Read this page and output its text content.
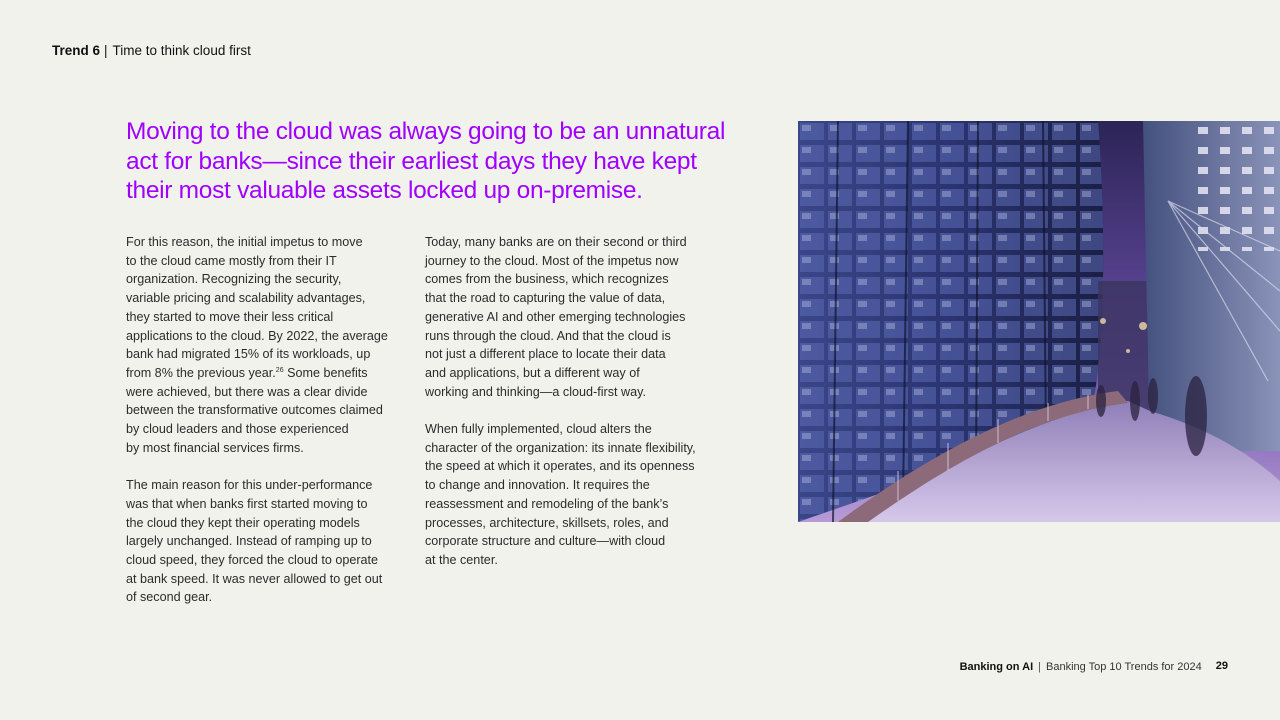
Trend 6 | Time to think cloud first
Moving to the cloud was always going to be an unnatural
act for banks—since their earliest days they have kept
their most valuable assets locked up on-premise.

For this reason, the initial impetus to move
to the cloud came mostly from their IT
organization. Recognizing the security,
variable pricing and scalability advantages,
they started to move their less critical
applications to the cloud. By 2022, the average
bank had migrated 15% of its workloads, up
from 8% the previous year.$^{26}$ Some benefits
were achieved, but there was a clear divide
between the transformative outcomes claimed
by cloud leaders and those experienced
by most financial services firms.

The main reason for this under-performance
was that when banks first started moving to
the cloud they kept their operating models
largely unchanged. Instead of ramping up to
cloud speed, they forced the cloud to operate
at bank speed. It was never allowed to get out
of second gear.

Today, many banks are on their second or third
journey to the cloud. Most of the impetus now
comes from the business, which recognizes
that the road to capturing the value of data,
generative AI and other emerging technologies
runs through the cloud. And that the cloud is
not just a different place to locate their data
and applications, but a different way of
working and thinking—a cloud-first way.

When fully implemented, cloud alters the
character of the organization: its innate flexibility,
the speed at which it operates, and its openness
to change and innovation. It requires the
reassessment and remodeling of the bank’s
processes, architecture, skillsets, roles, and
corporate structure and culture—with cloud
at the center.

Banking on AI | Banking Top 10 Trends for 2024 29
